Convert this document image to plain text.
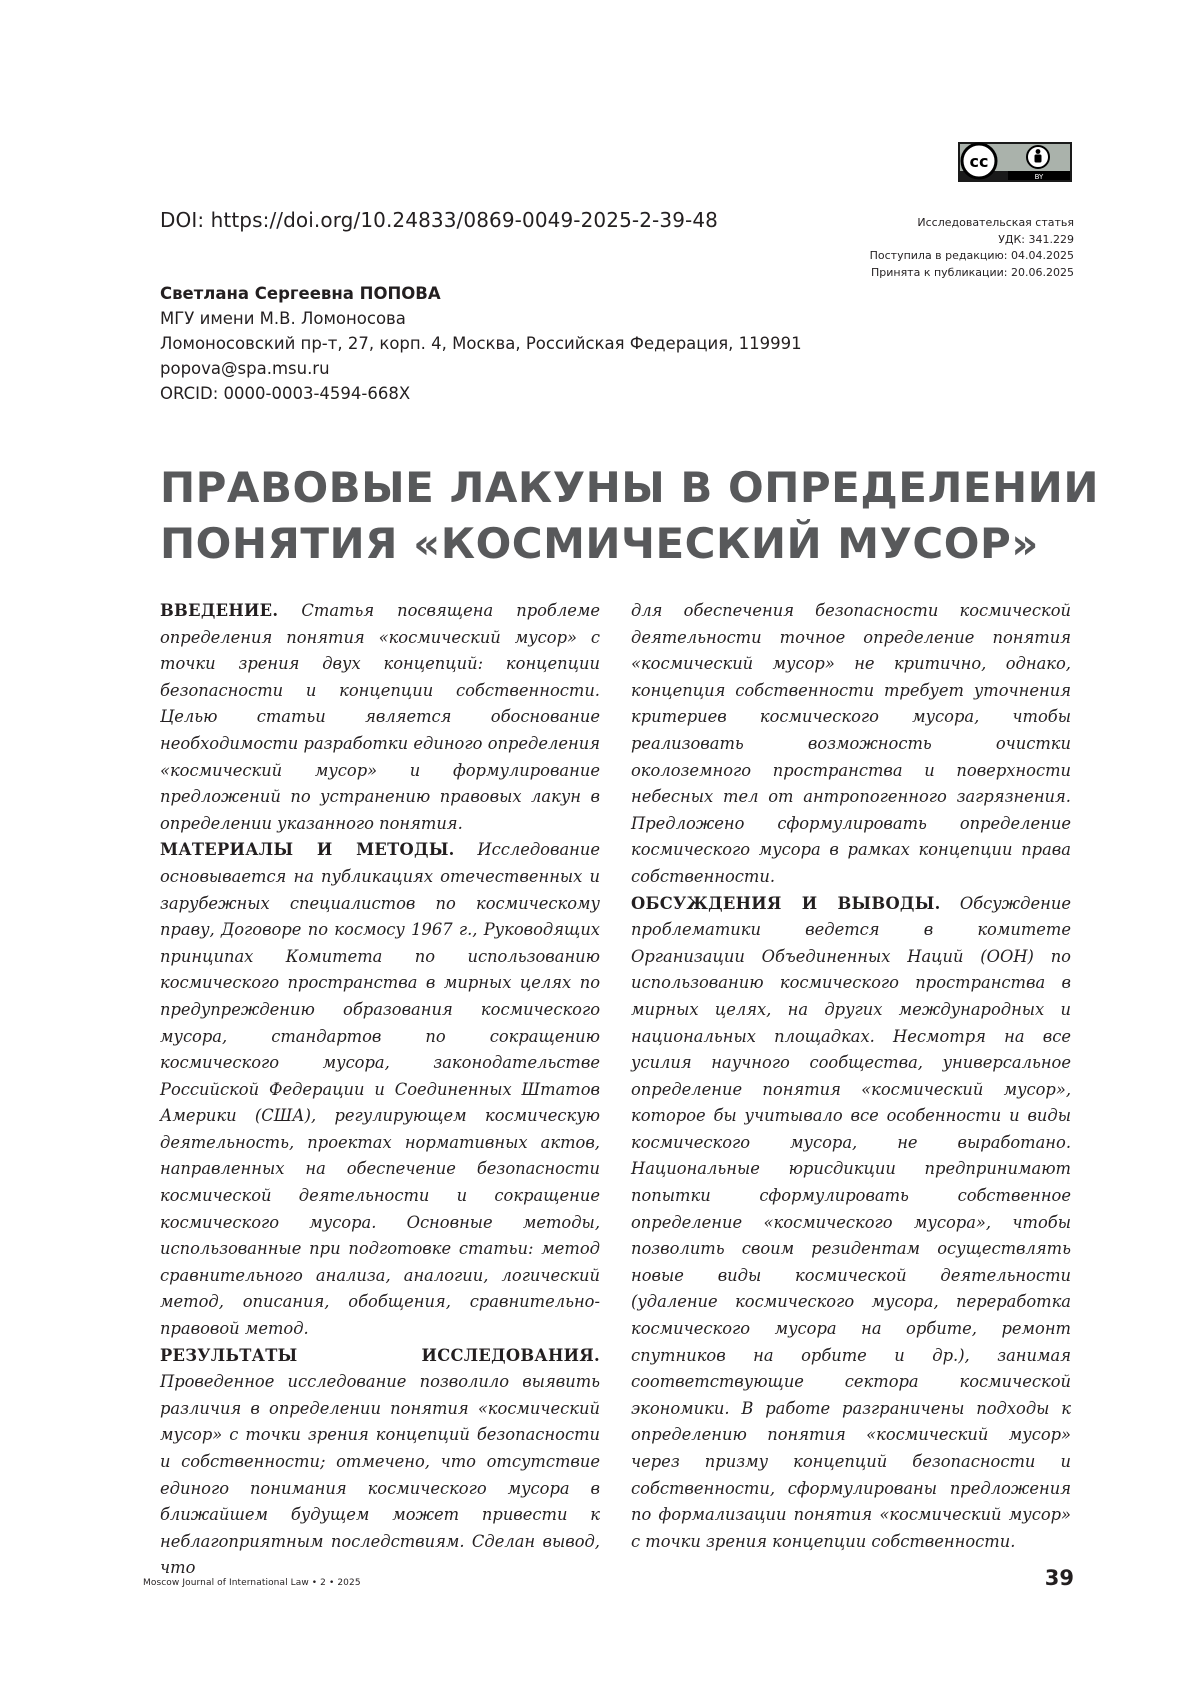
cc
BY
DOI: https://doi.org/10.24833/0869-0049-2025-2-39-48	Исследовательская статья
УДК: 341.229
Поступила в редакцию: 04.04.2025
Принята к публикации: 20.06.2025
Светлана Сергеевна ПОПОВА
МГУ имени М.В. Ломоносова
Ломоносовский пр-т, 27, корп. 4, Москва, Российская Федерация, 119991
popova@spa.msu.ru
ORCID: 0000-0003-4594-668X
ПРАВОВЫЕ ЛАКУНЫ В ОПРЕДЕЛЕНИИ
ПОНЯТИЯ «КОСМИЧЕСКИЙ МУСОР»

ВВЕДЕНИЕ. Статья посвящена проблеме определения понятия «космический мусор» с точки зрения двух концепций: концепции безопасности и концепции собственности. Целью статьи является обоснование необходимости разработки единого определения «космический мусор» и формулирование предложений по устранению правовых лакун в определении указанного понятия.

МАТЕРИАЛЫ И МЕТОДЫ. Исследование основывается на публикациях отечественных и зарубежных специалистов по космическому праву, Договоре по космосу 1967 г., Руководящих принципах Комитета по использованию космического пространства в мирных целях по предупреждению образования космического мусора, стандартов по сокращению космического мусора, законодательстве Российской Федерации и Соединенных Штатов Америки (США), регулирующем космическую деятельность, проектах нормативных актов, направленных на обеспечение безопасности космической деятельности и сокращение космического мусора. Основные методы, использованные при подготовке статьи: метод сравнительного анализа, аналогии, логический метод, описания, обобщения, сравнительно-правовой метод.

РЕЗУЛЬТАТЫ ИССЛЕДОВАНИЯ. Проведенное исследование позволило выявить различия в определении понятия «космический мусор» с точки зрения концепций безопасности и собственности; отмечено, что отсутствие единого понимания космического мусора в ближайшем будущем может привести к неблагоприятным последствиям. Сделан вывод, что

для обеспечения безопасности космической деятельности точное определение понятия «космический мусор» не критично, однако, концепция собственности требует уточнения критериев космического мусора, чтобы реализовать возможность очистки околоземного пространства и поверхности небесных тел от антропогенного загрязнения. Предложено сформулировать определение космического мусора в рамках концепции права собственности.

ОБСУЖДЕНИЯ И ВЫВОДЫ. Обсуждение проблематики ведется в комитете Организации Объединенных Наций (ООН) по использованию космического пространства в мирных целях, на других международных и национальных площадках. Несмотря на все усилия научного сообщества, универсальное определение понятия «космический мусор», которое бы учитывало все особенности и виды космического мусора, не выработано. Национальные юрисдикции предпринимают попытки сформулировать собственное определение «космического мусора», чтобы позволить своим резидентам осуществлять новые виды космической деятельности (удаление космического мусора, переработка космического мусора на орбите, ремонт спутников на орбите и др.), занимая соответствующие сектора космической экономики. В работе разграничены подходы к определению понятия «космический мусор» через призму концепций безопасности и собственности, сформулированы предложения по формализации понятия «космический мусор» с точки зрения концепции собственности.

Moscow Journal of International Law • 2 • 2025	39
